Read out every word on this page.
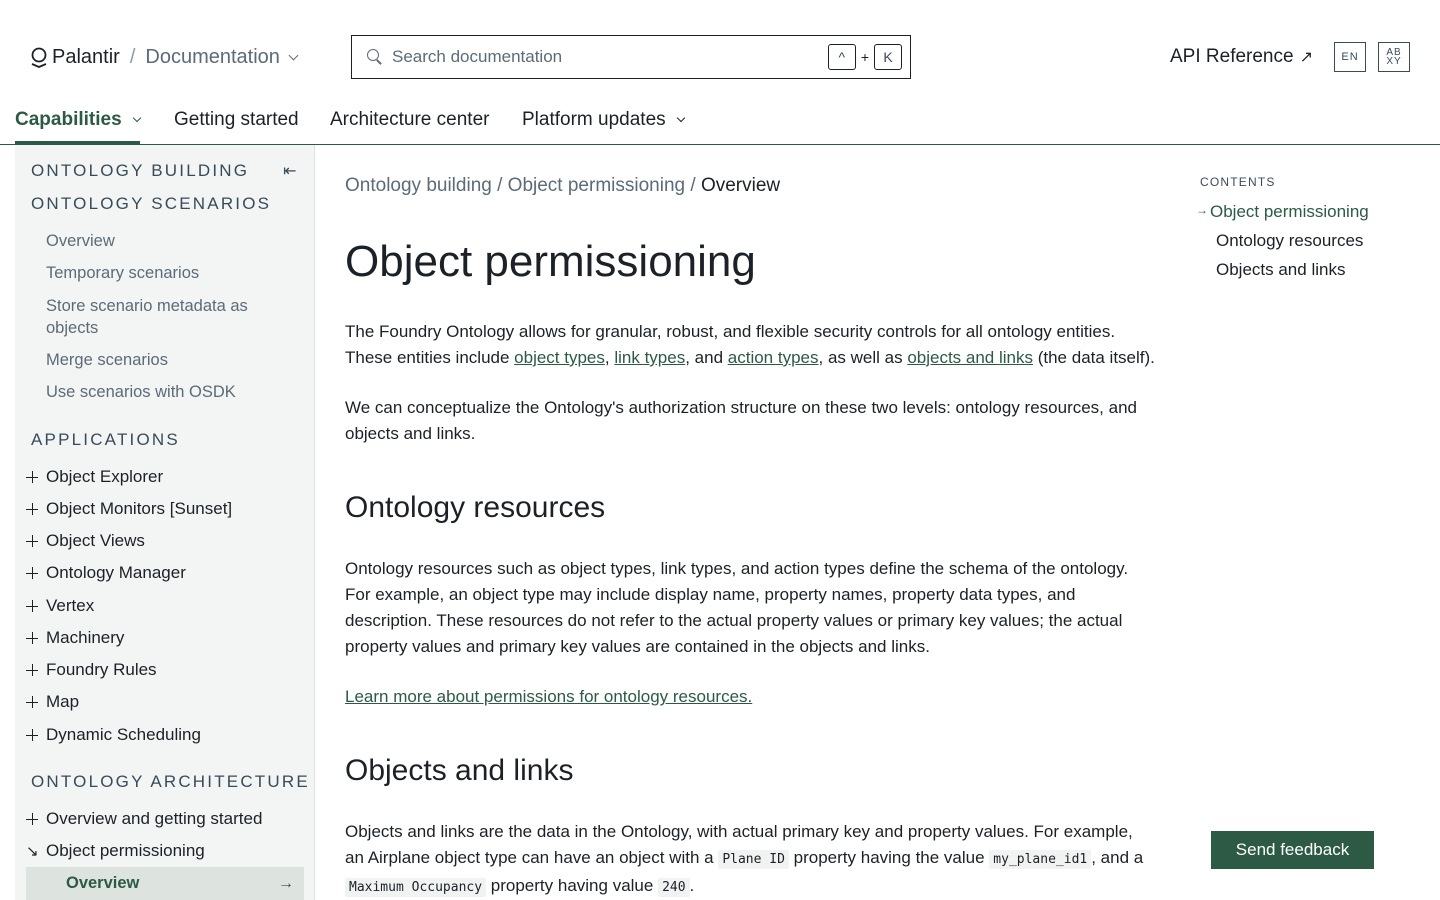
Palantir / Documentation
Search documentation	^	+	K	API Reference ↗	EN	AB
XY
Capabilities	Getting started Architecture center Platform updates
ONTOLOGY BUILDING ⇤
ONTOLOGY SCENARIOS
Overview
Temporary scenarios
Store scenario metadata as objects
Merge scenarios
Use scenarios with OSDK
APPLICATIONS
Object Explorer
Object Monitors [Sunset]
Object Views
Ontology Manager
Vertex
Machinery
Foundry Rules
Map
Dynamic Scheduling
ONTOLOGY ARCHITECTURE
Overview and getting started
↘ Object permissioning
Overview	→
Ontology building / Object permissioning / Overview
Object permissioning

The Foundry Ontology allows for granular, robust, and flexible security controls for all ontology entities. These entities include object types, link types, and action types, as well as objects and links (the data itself).

We can conceptualize the Ontology's authorization structure on these two levels: ontology resources, and objects and links.

Ontology resources

Ontology resources such as object types, link types, and action types define the schema of the ontology. For example, an object type may include display name, property names, property data types, and description. These resources do not refer to the actual property values or primary key values; the actual property values and primary key values are contained in the objects and links.

Learn more about permissions for ontology resources.
Objects and links

Objects and links are the data in the Ontology, with actual primary key and property values. For example, an Airplane object type can have an object with a Plane ID property having the value my_plane_id1 , and a Maximum Occupancy property having value 240 .

CONTENTS
→ Object permissioning
Ontology resources
Objects and links
Send feedback
